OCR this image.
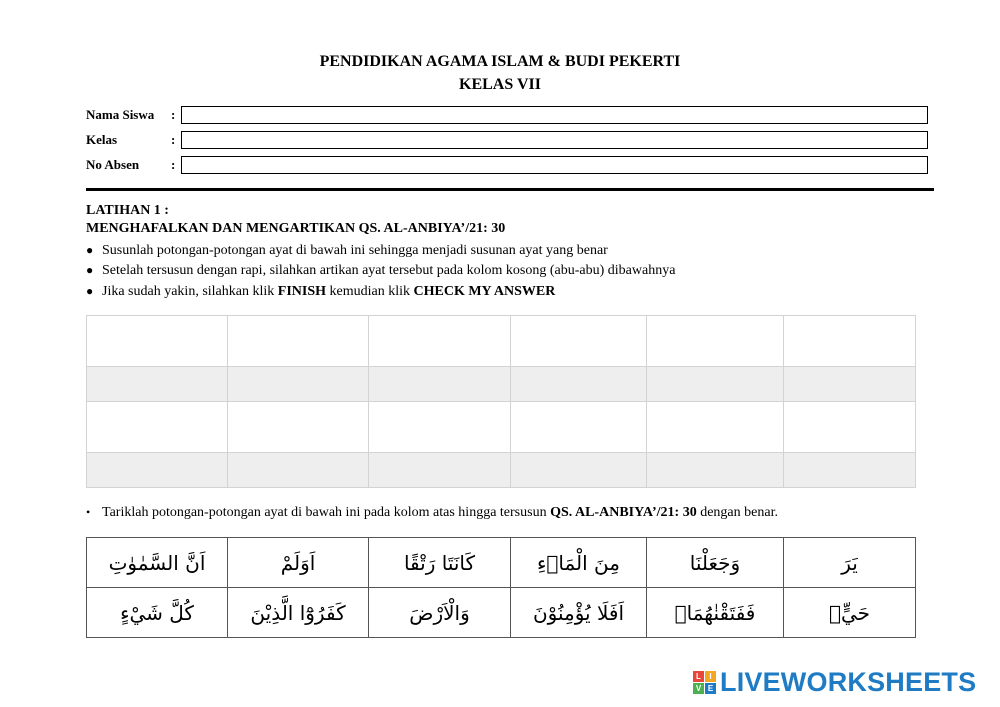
PENDIDIKAN AGAMA ISLAM & BUDI PEKERTI
KELAS VII
Nama Siswa :
Kelas	:
No Absen :
LATIHAN 1 :
MENGHAFALKAN DAN MENGARTIKAN QS. AL-ANBIYA’/21: 30
● Susunlah potongan-potongan ayat di bawah ini sehingga menjadi susunan ayat yang benar
● Setelah tersusun dengan rapi, silahkan artikan ayat tersebut pada kolom kosong (abu-abu) dibawahnya
● Jika sudah yakin, silahkan klik FINISH kemudian klik CHECK MY ANSWER

• Tariklah potongan-potongan ayat di bawah ini pada kolom atas hingga tersusun QS. AL-ANBIYA’/21: 30 dengan benar.
اَنَّ السَّمٰوٰتِ	اَوَلَمْ	كَانَتَا رَتْقًا	مِنَ الْمَاۤءِ	وَجَعَلْنَا	يَرَ
كُلَّ شَيْءٍ	كَفَرُوْٓا الَّذِيْنَ	وَالْاَرْضَ	اَفَلَا يُؤْمِنُوْنَ	فَفَتَقْنٰهُمَاۗ	حَيٍّۗ
L	I
V E LIVEWORKSHEETS
